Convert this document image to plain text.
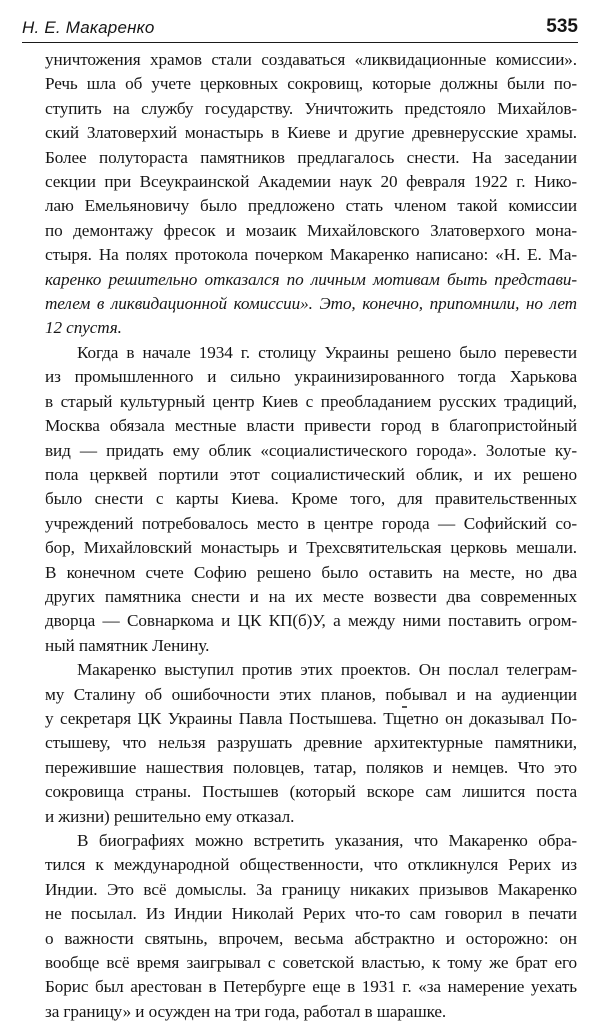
Н. Е. Макаренко	535

уничтожения храмов стали создаваться «ликвидационные комиссии».
Речь шла об учете церковных сокровищ, которые должны были по-
ступить на службу государству. Уничтожить предстояло Михайлов-
ский Златоверхий монастырь в Киеве и другие древнерусские храмы.
Более полутораста памятников предлагалось снести. На заседании
секции при Всеукраинской Академии наук 20 февраля 1922 г. Нико-
лаю Емельяновичу было предложено стать членом такой комиссии
по демонтажу фресок и мозаик Михайловского Златоверхого мона-
стыря. На полях протокола почерком Макаренко написано: «Н. Е. Ма-
каренко решительно отказался по личным мотивам быть представи-
телем в ликвидационной комиссии». Это, конечно, припомнили, но лет
12 спустя.

Когда в начале 1934 г. столицу Украины решено было перевести
из промышленного и сильно украинизированного тогда Харькова
в старый культурный центр Киев с преобладанием русских традиций,
Москва обязала местные власти привести город в благопристойный
вид — придать ему облик «социалистического города». Золотые ку-
пола церквей портили этот социалистический облик, и их решено
было снести с карты Киева. Кроме того, для правительственных
учреждений потребовалось место в центре города — Софийский со-
бор, Михайловский монастырь и Трехсвятительская церковь мешали.
В конечном счете Софию решено было оставить на месте, но два
других памятника снести и на их месте возвести два современных
дворца — Совнаркома и ЦК КП(б)У, а между ними поставить огром-
ный памятник Ленину.

Макаренко выступил против этих проектов. Он послал телеграм-
му Сталину об ошибочности этих планов, побывал и на аудиенции
у секретаря ЦК Украины Павла Постышева. Тщетно он доказывал По-
стышеву, что нельзя разрушать древние архитектурные памятники,
пережившие нашествия половцев, татар, поляков и немцев. Что это
сокровища страны. Постышев (который вскоре сам лишится поста
и жизни) решительно ему отказал.

В биографиях можно встретить указания, что Макаренко обра-
тился к международной общественности, что откликнулся Рерих из
Индии. Это всё домыслы. За границу никаких призывов Макаренко
не посылал. Из Индии Николай Рерих что-то сам говорил в печати
о важности святынь, впрочем, весьма абстрактно и осторожно: он
вообще всё время заигрывал с советской властью, к тому же брат его
Борис был арестован в Петербурге еще в 1931 г. «за намерение уехать
за границу» и осужден на три года, работал в шарашке.
